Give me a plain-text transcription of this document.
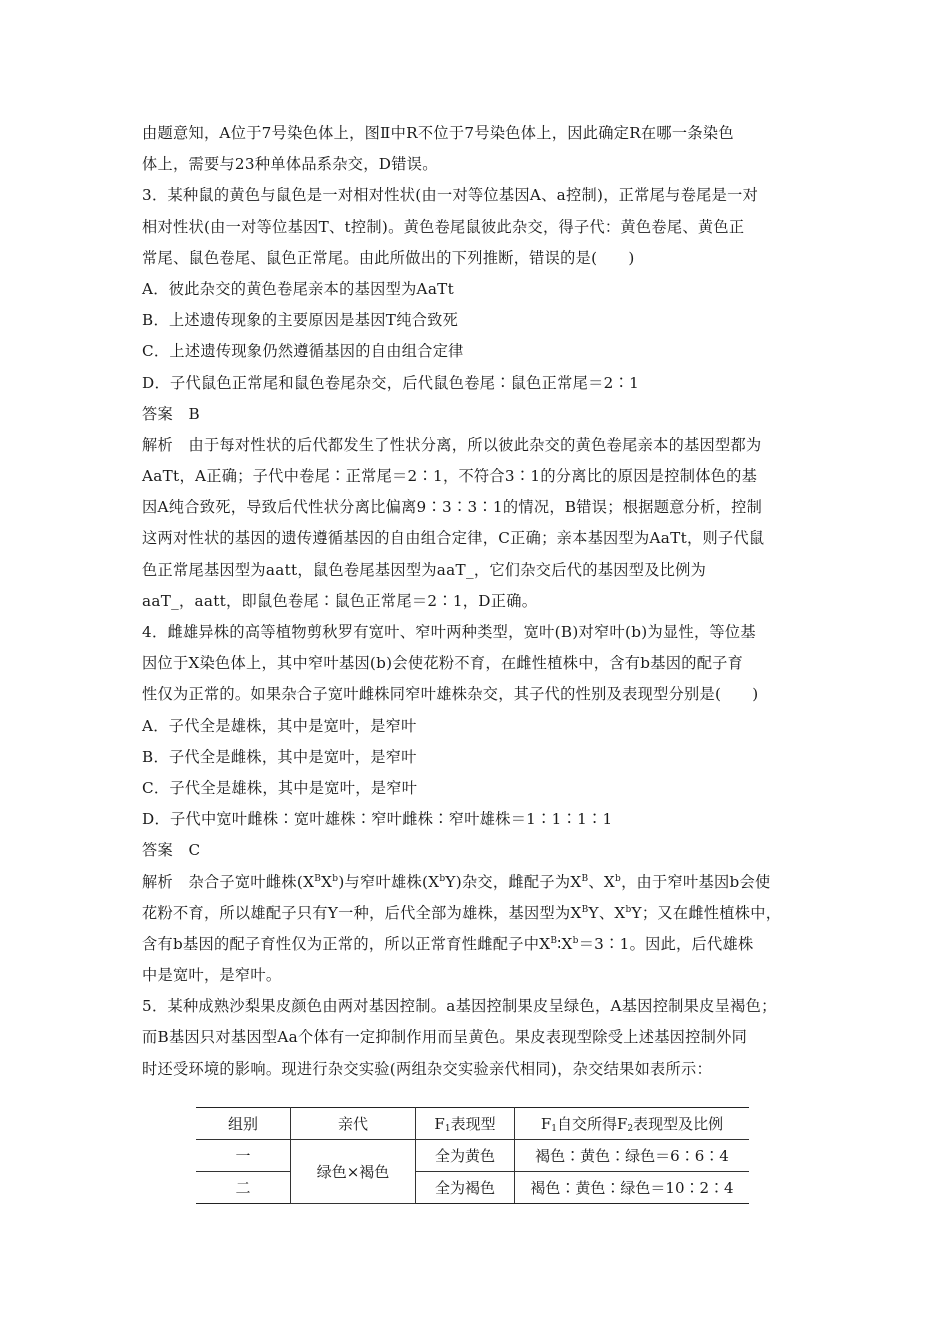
由题意知，A位于7号染色体上，图Ⅱ中R不位于7号染色体上，因此确定R在哪一条染色
体上，需要与23种单体品系杂交，D错误。
3．某种鼠的黄色与鼠色是一对相对性状(由一对等位基因A、a控制)，正常尾与卷尾是一对
相对性状(由一对等位基因T、t控制)。黄色卷尾鼠彼此杂交，得子代：黄色卷尾、黄色正
常尾、鼠色卷尾、鼠色正常尾。由此所做出的下列推断，错误的是(　　)
A．彼此杂交的黄色卷尾亲本的基因型为AaTt
B．上述遗传现象的主要原因是基因T纯合致死
C．上述遗传现象仍然遵循基因的自由组合定律
D．子代鼠色正常尾和鼠色卷尾杂交，后代鼠色卷尾∶鼠色正常尾＝2∶1
答案　B
解析　由于每对性状的后代都发生了性状分离，所以彼此杂交的黄色卷尾亲本的基因型都为
AaTt，A正确；子代中卷尾∶正常尾＝2∶1，不符合3∶1的分离比的原因是控制体色的基
因A纯合致死，导致后代性状分离比偏离9∶3∶3∶1的情况，B错误；根据题意分析，控制
这两对性状的基因的遗传遵循基因的自由组合定律，C正确；亲本基因型为AaTt，则子代鼠
色正常尾基因型为aatt，鼠色卷尾基因型为aaT_，它们杂交后代的基因型及比例为
aaT_，aatt，即鼠色卷尾∶鼠色正常尾＝2∶1，D正确。
4．雌雄异株的高等植物剪秋罗有宽叶、窄叶两种类型，宽叶(B)对窄叶(b)为显性，等位基
因位于X染色体上，其中窄叶基因(b)会使花粉不育，在雌性植株中，含有b基因的配子育
性仅为正常的。如果杂合子宽叶雌株同窄叶雄株杂交，其子代的性别及表现型分别是(　　)
A．子代全是雄株，其中是宽叶，是窄叶
B．子代全是雌株，其中是宽叶，是窄叶
C．子代全是雄株，其中是宽叶，是窄叶
D．子代中宽叶雌株∶宽叶雄株∶窄叶雌株∶窄叶雄株＝1∶1∶1∶1
答案　C
解析　杂合子宽叶雌株$(X^BX^b)$与窄叶雄株$(X^bY)$杂交，雌配子为$X^B$、$X^b$，由于窄叶基因b会使
花粉不育，所以雄配子只有Y一种，后代全部为雄株，基因型为$X^BY$、$X^bY$；又在雌性植株中，
含有b基因的配子育性仅为正常的，所以正常育性雌配子中$X^B∶X^b=3∶1$。因此，后代雄株
中是宽叶，是窄叶。
5．某种成熟沙梨果皮颜色由两对基因控制。a基因控制果皮呈绿色，A基因控制果皮呈褐色；
而B基因只对基因型Aa个体有一定抑制作用而呈黄色。果皮表现型除受上述基因控制外同
时还受环境的影响。现进行杂交实验(两组杂交实验亲代相同)，杂交结果如表所示：
组别	亲代	$F_1$表现型	$F_1$自交所得$F_2$表现型及比例
一	绿色×褐色	全为黄色	褐色∶黄色∶绿色＝6∶6∶4
二		全为褐色	褐色∶黄色∶绿色＝10∶2∶4
